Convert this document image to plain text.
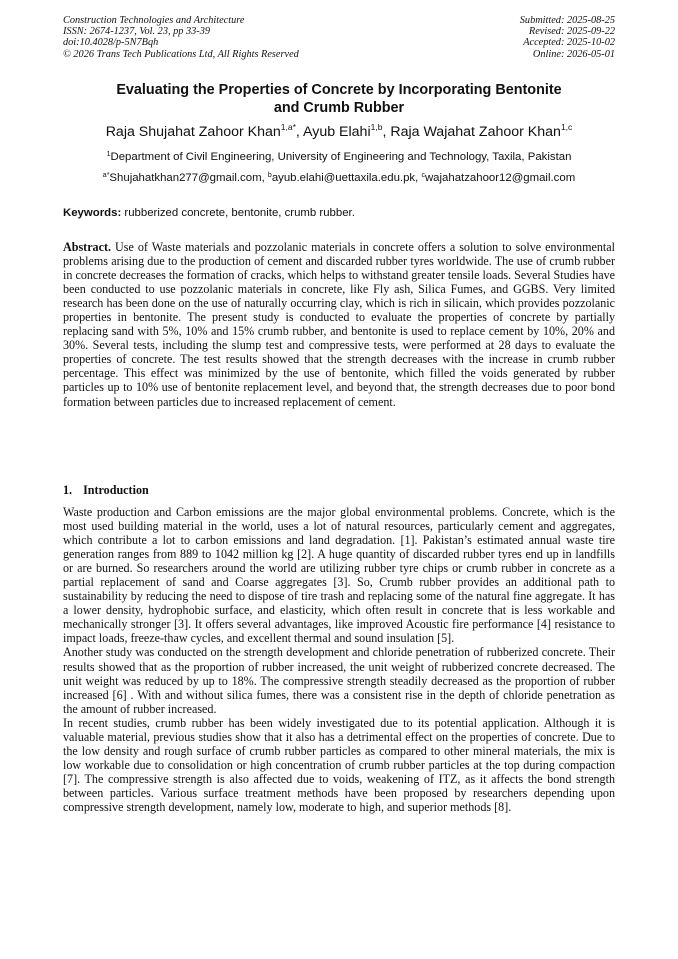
Construction Technologies and Architecture
ISSN: 2674-1237, Vol. 23, pp 33-39
doi:10.4028/p-5N7Bqh
© 2026 Trans Tech Publications Ltd, All Rights Reserved
Submitted: 2025-08-25
Revised: 2025-09-22
Accepted: 2025-10-02
Online: 2026-05-01
Evaluating the Properties of Concrete by Incorporating Bentonite
and Crumb Rubber
Raja Shujahat Zahoor Khan$^{1,a*}$, Ayub Elahi$^{1,b}$, Raja Wajahat Zahoor Khan$^{1,c}$
$^1$Department of Civil Engineering, University of Engineering and Technology, Taxila, Pakistan
$^{a*}$Shujahatkhan277@gmail.com, $^b$ayub.elahi@uettaxila.edu.pk, $^c$wajahatzahoor12@gmail.com
Keywords: rubberized concrete, bentonite, crumb rubber.
Abstract. Use of Waste materials and pozzolanic materials in concrete offers a solution to solve environmental problems arising due to the production of cement and discarded rubber tyres worldwide. The use of crumb rubber in concrete decreases the formation of cracks, which helps to withstand greater tensile loads. Several Studies have been conducted to use pozzolanic materials in concrete, like Fly ash, Silica Fumes, and GGBS. Very limited research has been done on the use of naturally occurring clay, which is rich in silicain, which provides pozzolanic properties in bentonite. The present study is conducted to evaluate the properties of concrete by partially replacing sand with 5%, 10% and 15% crumb rubber, and bentonite is used to replace cement by 10%, 20% and 30%. Several tests, including the slump test and compressive tests, were performed at 28 days to evaluate the properties of concrete. The test results showed that the strength decreases with the increase in crumb rubber percentage. This effect was minimized by the use of bentonite, which filled the voids generated by rubber particles up to 10% use of bentonite replacement level, and beyond that, the strength decreases due to poor bond formation between particles due to increased replacement of cement.
1. Introduction

Waste production and Carbon emissions are the major global environmental problems. Concrete, which is the most used building material in the world, uses a lot of natural resources, particularly cement and aggregates, which contribute a lot to carbon emissions and land degradation. [1]. Pakistan’s estimated annual waste tire generation ranges from 889 to 1042 million kg [2]. A huge quantity of discarded rubber tyres end up in landfills or are burned. So researchers around the world are utilizing rubber tyre chips or crumb rubber in concrete as a partial replacement of sand and Coarse aggregates [3]. So, Crumb rubber provides an additional path to sustainability by reducing the need to dispose of tire trash and replacing some of the natural fine aggregate. It has a lower density, hydrophobic surface, and elasticity, which often result in concrete that is less workable and mechanically stronger [3]. It offers several advantages, like improved Acoustic fire performance [4] resistance to impact loads, freeze-thaw cycles, and excellent thermal and sound insulation [5].

Another study was conducted on the strength development and chloride penetration of rubberized concrete. Their results showed that as the proportion of rubber increased, the unit weight of rubberized concrete decreased. The unit weight was reduced by up to 18%. The compressive strength steadily decreased as the proportion of rubber increased [6] . With and without silica fumes, there was a consistent rise in the depth of chloride penetration as the amount of rubber increased.

In recent studies, crumb rubber has been widely investigated due to its potential application. Although it is valuable material, previous studies show that it also has a detrimental effect on the properties of concrete. Due to the low density and rough surface of crumb rubber particles as compared to other mineral materials, the mix is low workable due to consolidation or high concentration of crumb rubber particles at the top during compaction [7]. The compressive strength is also affected due to voids, weakening of ITZ, as it affects the bond strength between particles. Various surface treatment methods have been proposed by researchers depending upon compressive strength development, namely low, moderate to high, and superior methods [8].
